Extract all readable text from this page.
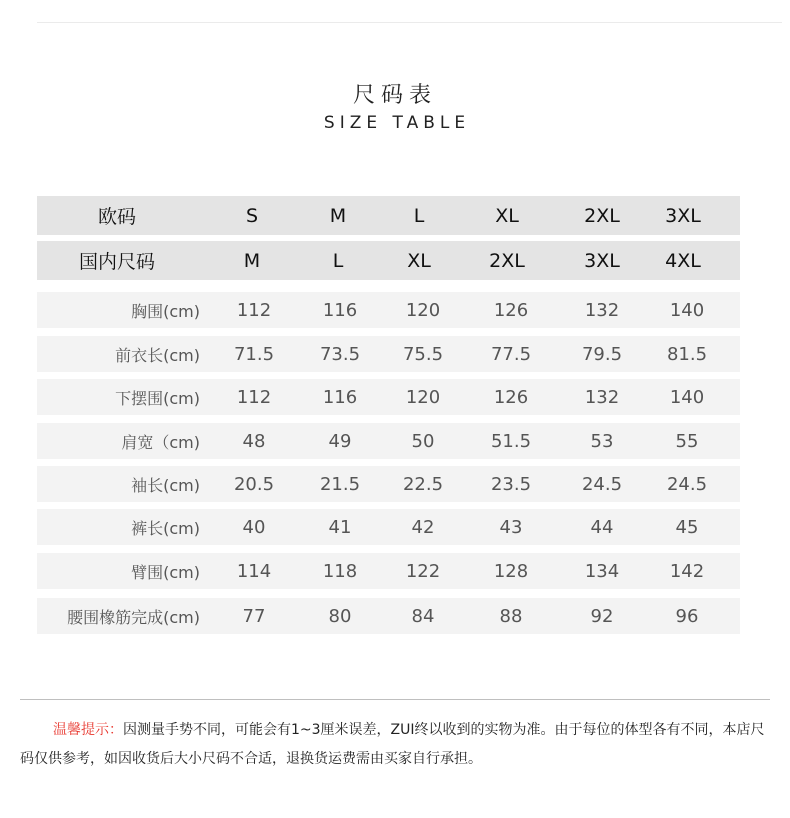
尺码表
SIZE TABLE
欧码	S	M	L	XL	2XL	3XL
国内尺码	M	L	XL	2XL	3XL	4XL
胸围(cm)	112	116	120	126	132	140
前衣长(cm)	71.5	73.5	75.5	77.5	79.5	81.5
下摆围(cm)	112	116	120	126	132	140
肩宽（cm)	48	49	50	51.5	53	55
袖长(cm)	20.5	21.5	22.5	23.5	24.5	24.5
裤长(cm)	40	41	42	43	44	45
臂围(cm)	114	118	122	128	134	142
腰围橡筋完成(cm)	77	80	84	88	92	96
温馨提示：因测量手势不同，可能会有1~3厘米误差，ZUI终以收到的实物为准。由于每位的体型各有不同，本店尺码仅供参考，如因收货后大小尺码不合适，退换货运费需由买家自行承担。
